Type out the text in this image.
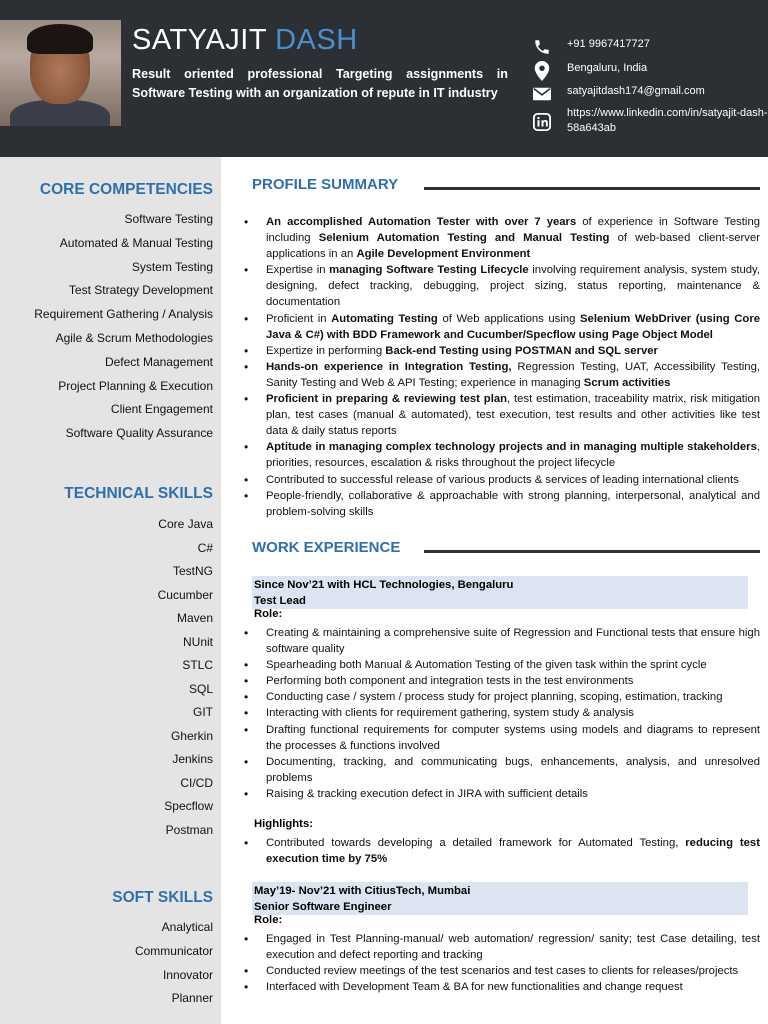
SATYAJIT DASH
Result oriented professional Targeting assignments in Software Testing with an organization of repute in IT industry
+91 9967417727
Bengaluru, India
satyajitdash174@gmail.com
https://www.linkedin.com/in/satyajit-dash-58a643ab
CORE COMPETENCIES
Software Testing
Automated & Manual Testing
System Testing
Test Strategy Development
Requirement Gathering / Analysis
Agile & Scrum Methodologies
Defect Management
Project Planning & Execution
Client Engagement
Software Quality Assurance
TECHNICAL SKILLS
Core Java
C#
TestNG
Cucumber
Maven
NUnit
STLC
SQL
GIT
Gherkin
Jenkins
CI/CD
Specflow
Postman
SOFT SKILLS
Analytical
Communicator
Innovator
Planner
PROFILE SUMMARY
• An accomplished Automation Tester with over 7 years of experience in Software Testing including Selenium Automation Testing and Manual Testing of web-based client-server applications in an Agile Development Environment
• Expertise in managing Software Testing Lifecycle involving requirement analysis, system study, designing, defect tracking, debugging, project sizing, status reporting, maintenance & documentation
• Proficient in Automating Testing of Web applications using Selenium WebDriver (using Core Java & C#) with BDD Framework and Cucumber/Specflow using Page Object Model
• Expertize in performing Back-end Testing using POSTMAN and SQL server
• Hands-on experience in Integration Testing, Regression Testing, UAT, Accessibility Testing, Sanity Testing and Web & API Testing; experience in managing Scrum activities
• Proficient in preparing & reviewing test plan, test estimation, traceability matrix, risk mitigation plan, test cases (manual & automated), test execution, test results and other activities like test data & daily status reports
• Aptitude in managing complex technology projects and in managing multiple stakeholders, priorities, resources, escalation & risks throughout the project lifecycle
• Contributed to successful release of various products & services of leading international clients
• People-friendly, collaborative & approachable with strong planning, interpersonal, analytical and problem-solving skills
WORK EXPERIENCE
Since Nov’21 with HCL Technologies, Bengaluru
Test Lead
Role:
• Creating & maintaining a comprehensive suite of Regression and Functional tests that ensure high software quality
• Spearheading both Manual & Automation Testing of the given task within the sprint cycle
• Performing both component and integration tests in the test environments
• Conducting case / system / process study for project planning, scoping, estimation, tracking
• Interacting with clients for requirement gathering, system study & analysis
• Drafting functional requirements for computer systems using models and diagrams to represent the processes & functions involved
• Documenting, tracking, and communicating bugs, enhancements, analysis, and unresolved problems
• Raising & tracking execution defect in JIRA with sufficient details
Highlights:
• Contributed towards developing a detailed framework for Automated Testing, reducing test execution time by 75%
May’19- Nov’21 with CitiusTech, Mumbai
Senior Software Engineer
Role:
• Engaged in Test Planning-manual/ web automation/ regression/ sanity; test Case detailing, test execution and defect reporting and tracking
• Conducted review meetings of the test scenarios and test cases to clients for releases/projects
• Interfaced with Development Team & BA for new functionalities and change request
